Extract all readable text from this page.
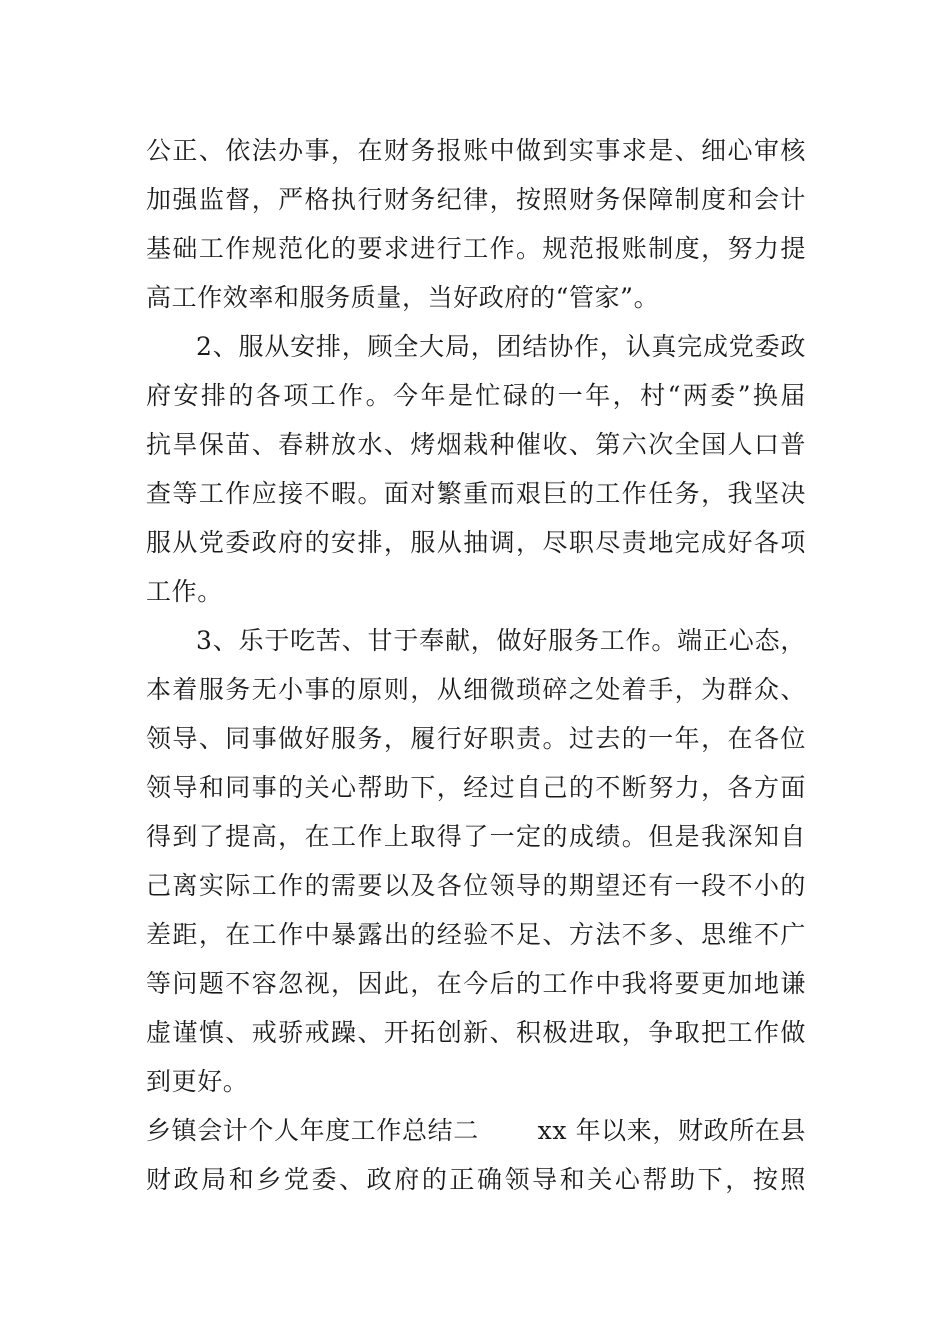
公正、依法办事，在财务报账中做到实事求是、细心审核
加强监督，严格执行财务纪律，按照财务保障制度和会计
基础工作规范化的要求进行工作。规范报账制度，努力提
高工作效率和服务质量，当好政府的“管家”。
2、服从安排，顾全大局，团结协作，认真完成党委政
府安排的各项工作。今年是忙碌的一年，村“两委”换届
抗旱保苗、春耕放水、烤烟栽种催收、第六次全国人口普
查等工作应接不暇。面对繁重而艰巨的工作任务，我坚决
服从党委政府的安排，服从抽调，尽职尽责地完成好各项
工作。
3、乐于吃苦、甘于奉献，做好服务工作。端正心态，
本着服务无小事的原则，从细微琐碎之处着手，为群众、
领导、同事做好服务，履行好职责。过去的一年，在各位
领导和同事的关心帮助下，经过自己的不断努力，各方面
得到了提高，在工作上取得了一定的成绩。但是我深知自
己离实际工作的需要以及各位领导的期望还有一段不小的
差距，在工作中暴露出的经验不足、方法不多、思维不广
等问题不容忽视，因此，在今后的工作中我将要更加地谦
虚谨慎、戒骄戒躁、开拓创新、积极进取，争取把工作做
到更好。
乡镇会计个人年度工作总结二 xx 年以来，财政所在县
财政局和乡党委、政府的正确领导和关心帮助下，按照
